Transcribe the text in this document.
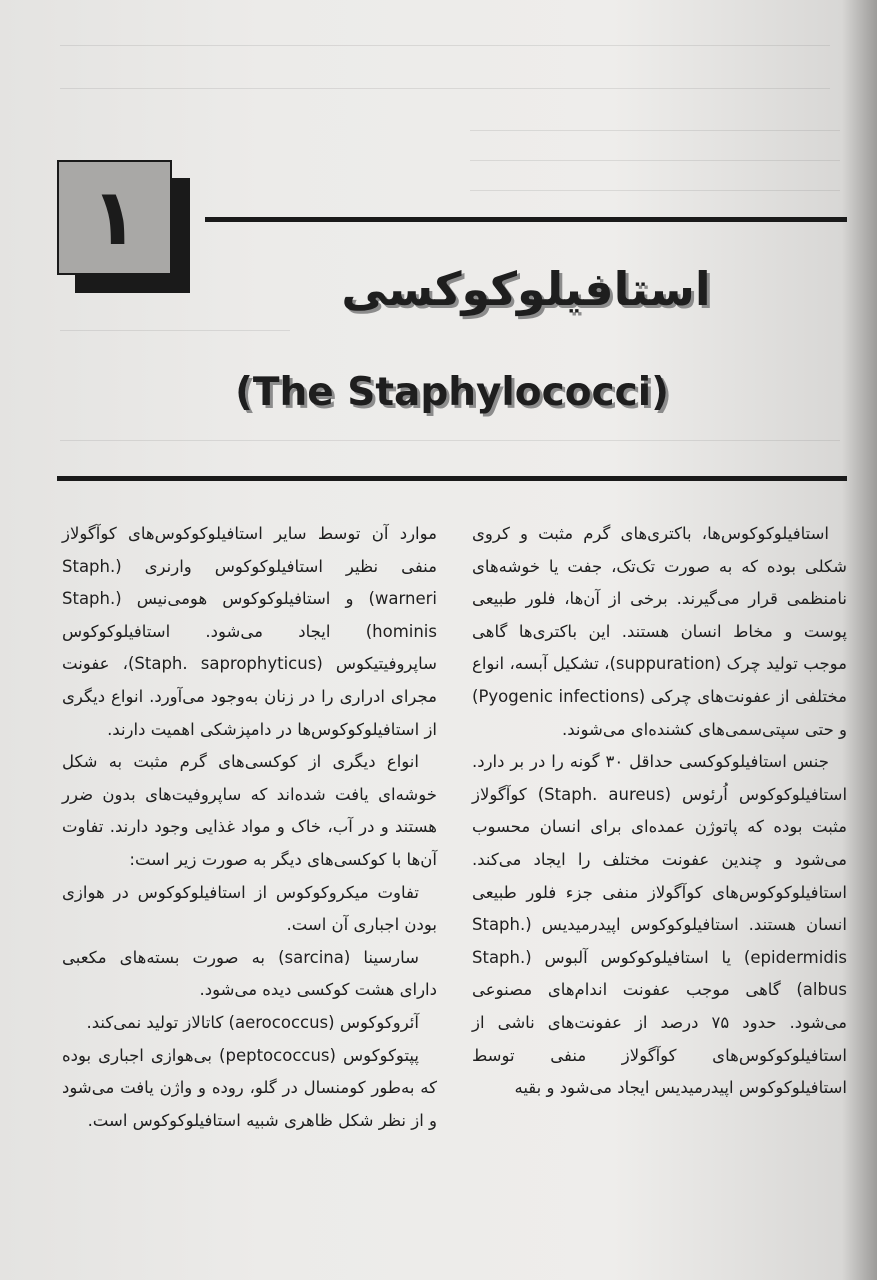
۱
استافیلوکوکسی
(The Staphylococci)

استافیلوکوکوس‌ها، باکتری‌های گرم مثبت و کروی شکلی بوده که به صورت تک‌تک، جفت یا خوشه‌های نامنظمی قرار می‌گیرند. برخی از آن‌ها، فلور طبیعی پوست و مخاط انسان هستند. این باکتری‌ها گاهی موجب تولید چرک (suppuration)، تشکیل آبسه، انواع مختلفی از عفونت‌های چرکی (Pyogenic infections) و حتی سپتی‌سمی‌های کشنده‌ای می‌شوند.

جنس استافیلوکوکسی حداقل ۳۰ گونه را در بر دارد. استافیلوکوکوس اُرئوس (Staph. aureus) کوآگولاز مثبت بوده که پاتوژن عمده‌ای برای انسان محسوب می‌شود و چندین عفونت مختلف را ایجاد می‌کند. استافیلوکوکوس‌های کوآگولاز منفی جزء فلور طبیعی انسان هستند. استافیلوکوکوس اپیدرمیدیس (Staph. epidermidis) یا استافیلوکوکوس آلبوس (Staph. albus) گاهی موجب عفونت اندام‌های مصنوعی می‌شود. حدود ۷۵ درصد از عفونت‌های ناشی از استافیلوکوکوس‌های کوآگولاز منفی توسط استافیلوکوکوس اپیدرمیدیس ایجاد می‌شود و بقیه

موارد آن توسط سایر استافیلوکوکوس‌های کوآگولاز منفی نظیر استافیلوکوکوس وارنری (Staph. warneri) و استافیلوکوکوس هومی‌نیس (Staph. hominis) ایجاد می‌شود. استافیلوکوکوس ساپروفیتیکوس (Staph. saprophyticus)، عفونت مجرای ادراری را در زنان به‌وجود می‌آورد. انواع دیگری از استافیلوکوکوس‌ها در دامپزشکی اهمیت دارند.

انواع دیگری از کوکسی‌های گرم مثبت به شکل خوشه‌ای یافت شده‌اند که ساپروفیت‌های بدون ضرر هستند و در آب، خاک و مواد غذایی وجود دارند. تفاوت آن‌ها با کوکسی‌های دیگر به صورت زیر است:

تفاوت میکروکوکوس از استافیلوکوکوس در هوازی بودن اجباری آن است.

سارسینا (sarcina) به صورت بسته‌های مکعبی دارای هشت کوکسی دیده می‌شود.

آئروکوکوس (aerococcus) کاتالاز تولید نمی‌کند.

پپتوکوکوس (peptococcus) بی‌هوازی اجباری بوده که به‌طور کومنسال در گلو، روده و واژن یافت می‌شود و از نظر شکل ظاهری شبیه استافیلوکوکوس است.
